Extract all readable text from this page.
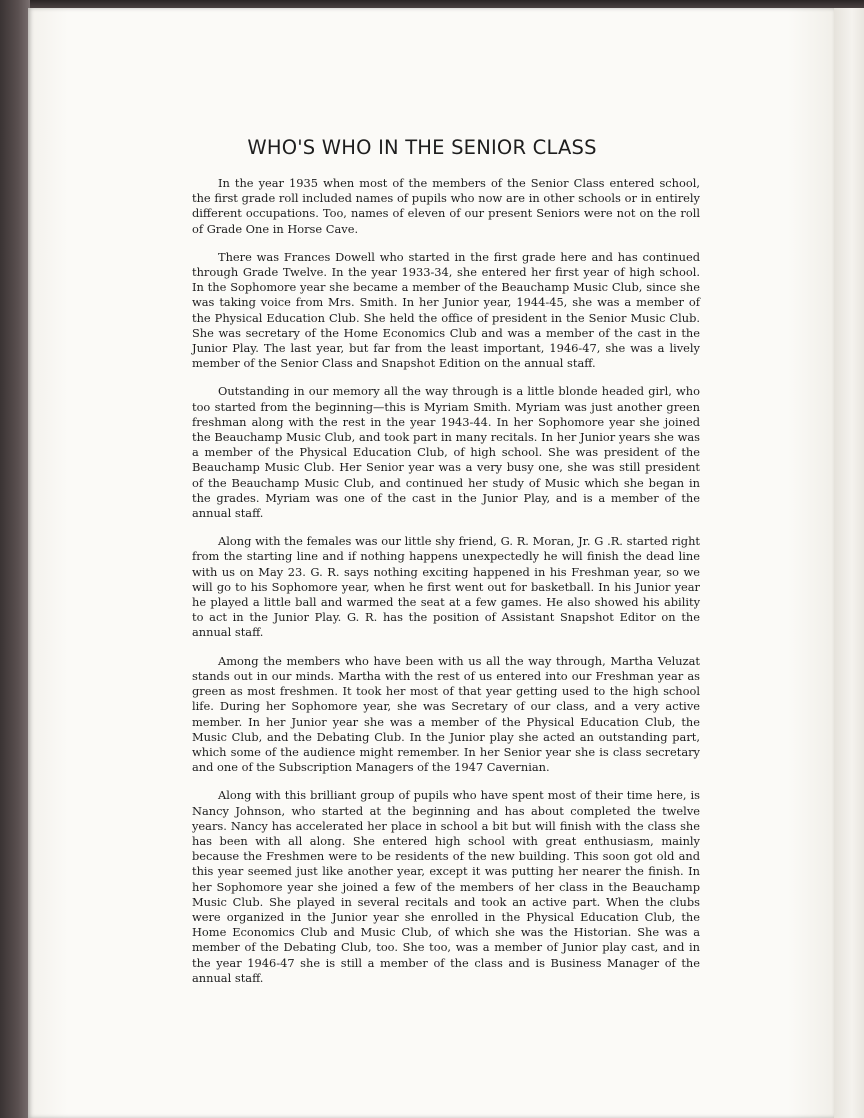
WHO'S WHO IN THE SENIOR CLASS

In the year 1935 when most of the members of the Senior Class entered school, the first grade roll included names of pupils who now are in other schools or in entirely different occupations. Too, names of eleven of our present Seniors were not on the roll of Grade One in Horse Cave.

There was Frances Dowell who started in the first grade here and has continued through Grade Twelve. In the year 1933-34, she entered her first year of high school. In the Sophomore year she became a member of the Beauchamp Music Club, since she was taking voice from Mrs. Smith. In her Junior year, 1944-45, she was a member of the Physical Education Club. She held the office of president in the Senior Music Club. She was secretary of the Home Economics Club and was a member of the cast in the Junior Play. The last year, but far from the least important, 1946-47, she was a lively member of the Senior Class and Snapshot Edition on the annual staff.

Outstanding in our memory all the way through is a little blonde headed girl, who too started from the beginning—this is Myriam Smith. Myriam was just another green freshman along with the rest in the year 1943-44. In her Sophomore year she joined the Beauchamp Music Club, and took part in many recitals. In her Junior years she was a member of the Physical Education Club, of high school. She was president of the Beauchamp Music Club. Her Senior year was a very busy one, she was still president of the Beauchamp Music Club, and continued her study of Music which she began in the grades. Myriam was one of the cast in the Junior Play, and is a member of the annual staff.

Along with the females was our little shy friend, G. R. Moran, Jr. G .R. started right from the starting line and if nothing happens unexpectedly he will finish the dead line with us on May 23. G. R. says nothing exciting happened in his Freshman year, so we will go to his Sophomore year, when he first went out for basketball. In his Junior year he played a little ball and warmed the seat at a few games. He also showed his ability to act in the Junior Play. G. R. has the position of Assistant Snapshot Editor on the annual staff.

Among the members who have been with us all the way through, Martha Veluzat stands out in our minds. Martha with the rest of us entered into our Freshman year as green as most freshmen. It took her most of that year getting used to the high school life. During her Sophomore year, she was Secretary of our class, and a very active member. In her Junior year she was a member of the Physical Education Club, the Music Club, and the Debating Club. In the Junior play she acted an outstanding part, which some of the audience might remember. In her Senior year she is class secretary and one of the Subscription Managers of the 1947 Cavernian.

Along with this brilliant group of pupils who have spent most of their time here, is Nancy Johnson, who started at the beginning and has about completed the twelve years. Nancy has accelerated her place in school a bit but will finish with the class she has been with all along. She entered high school with great enthusiasm, mainly because the Freshmen were to be residents of the new building. This soon got old and this year seemed just like another year, except it was putting her nearer the finish. In her Sophomore year she joined a few of the members of her class in the Beauchamp Music Club. She played in several recitals and took an active part. When the clubs were organized in the Junior year she enrolled in the Physical Education Club, the Home Economics Club and Music Club, of which she was the Historian. She was a member of the Debating Club, too. She too, was a member of Junior play cast, and in the year 1946-47 she is still a member of the class and is Business Manager of the annual staff.
